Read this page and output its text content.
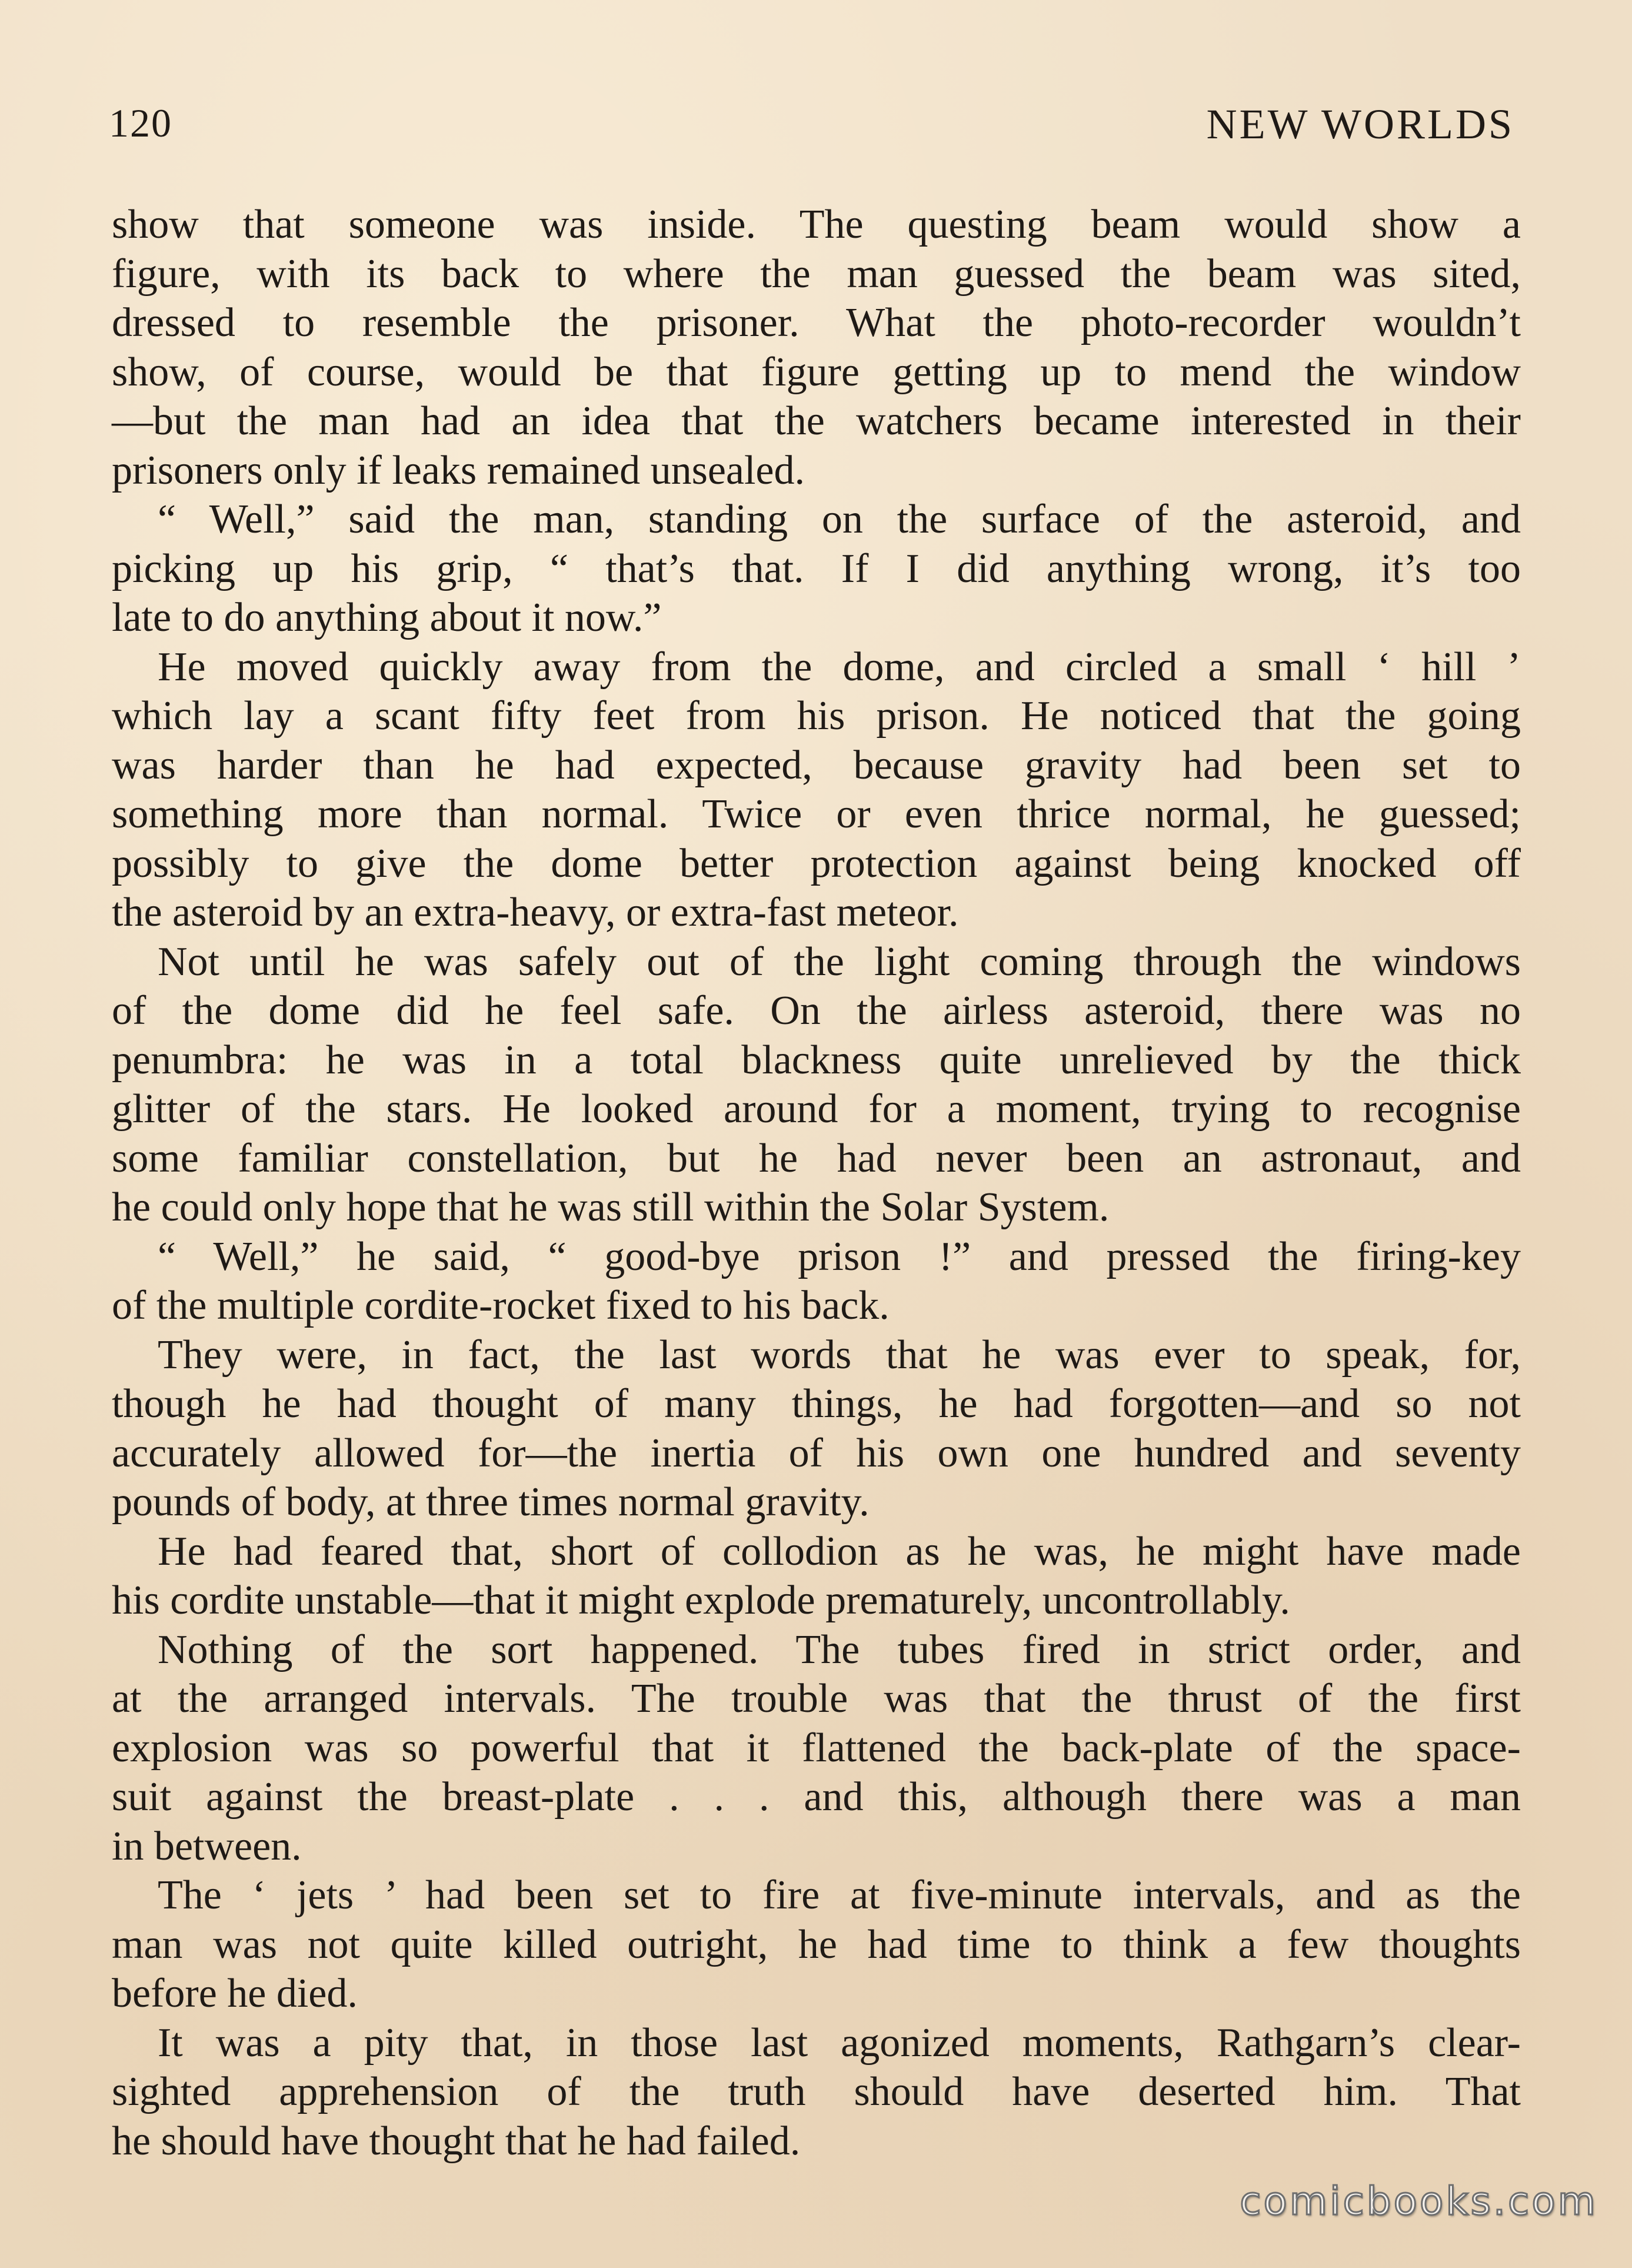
120	NEW WORLDS
show that someone was inside. The questing beam would show a
figure, with its back to where the man guessed the beam was sited,
dressed to resemble the prisoner. What the photo-recorder wouldn’t
show, of course, would be that figure getting up to mend the window
—but the man had an idea that the watchers became interested in their
prisoners only if leaks remained unsealed.
“ Well,” said the man, standing on the surface of the asteroid, and
picking up his grip, “ that’s that. If I did anything wrong, it’s too
late to do anything about it now.”
He moved quickly away from the dome, and circled a small ‘ hill ’
which lay a scant fifty feet from his prison. He noticed that the going
was harder than he had expected, because gravity had been set to
something more than normal. Twice or even thrice normal, he guessed;
possibly to give the dome better protection against being knocked off
the asteroid by an extra-heavy, or extra-fast meteor.
Not until he was safely out of the light coming through the windows
of the dome did he feel safe. On the airless asteroid, there was no
penumbra: he was in a total blackness quite unrelieved by the thick
glitter of the stars. He looked around for a moment, trying to recognise
some familiar constellation, but he had never been an astronaut, and
he could only hope that he was still within the Solar System.
“ Well,” he said, “ good-bye prison !” and pressed the firing-key
of the multiple cordite-rocket fixed to his back.
They were, in fact, the last words that he was ever to speak, for,
though he had thought of many things, he had forgotten—and so not
accurately allowed for—the inertia of his own one hundred and seventy
pounds of body, at three times normal gravity.
He had feared that, short of collodion as he was, he might have made
his cordite unstable—that it might explode prematurely, uncontrollably.
Nothing of the sort happened. The tubes fired in strict order, and
at the arranged intervals. The trouble was that the thrust of the first
explosion was so powerful that it flattened the back-plate of the space-
suit against the breast-plate . . . and this, although there was a man
in between.
The ‘ jets ’ had been set to fire at five-minute intervals, and as the
man was not quite killed outright, he had time to think a few thoughts
before he died.
It was a pity that, in those last agonized moments, Rathgarn’s clear-
sighted apprehension of the truth should have deserted him. That
he should have thought that he had failed.
comicbooks.com
